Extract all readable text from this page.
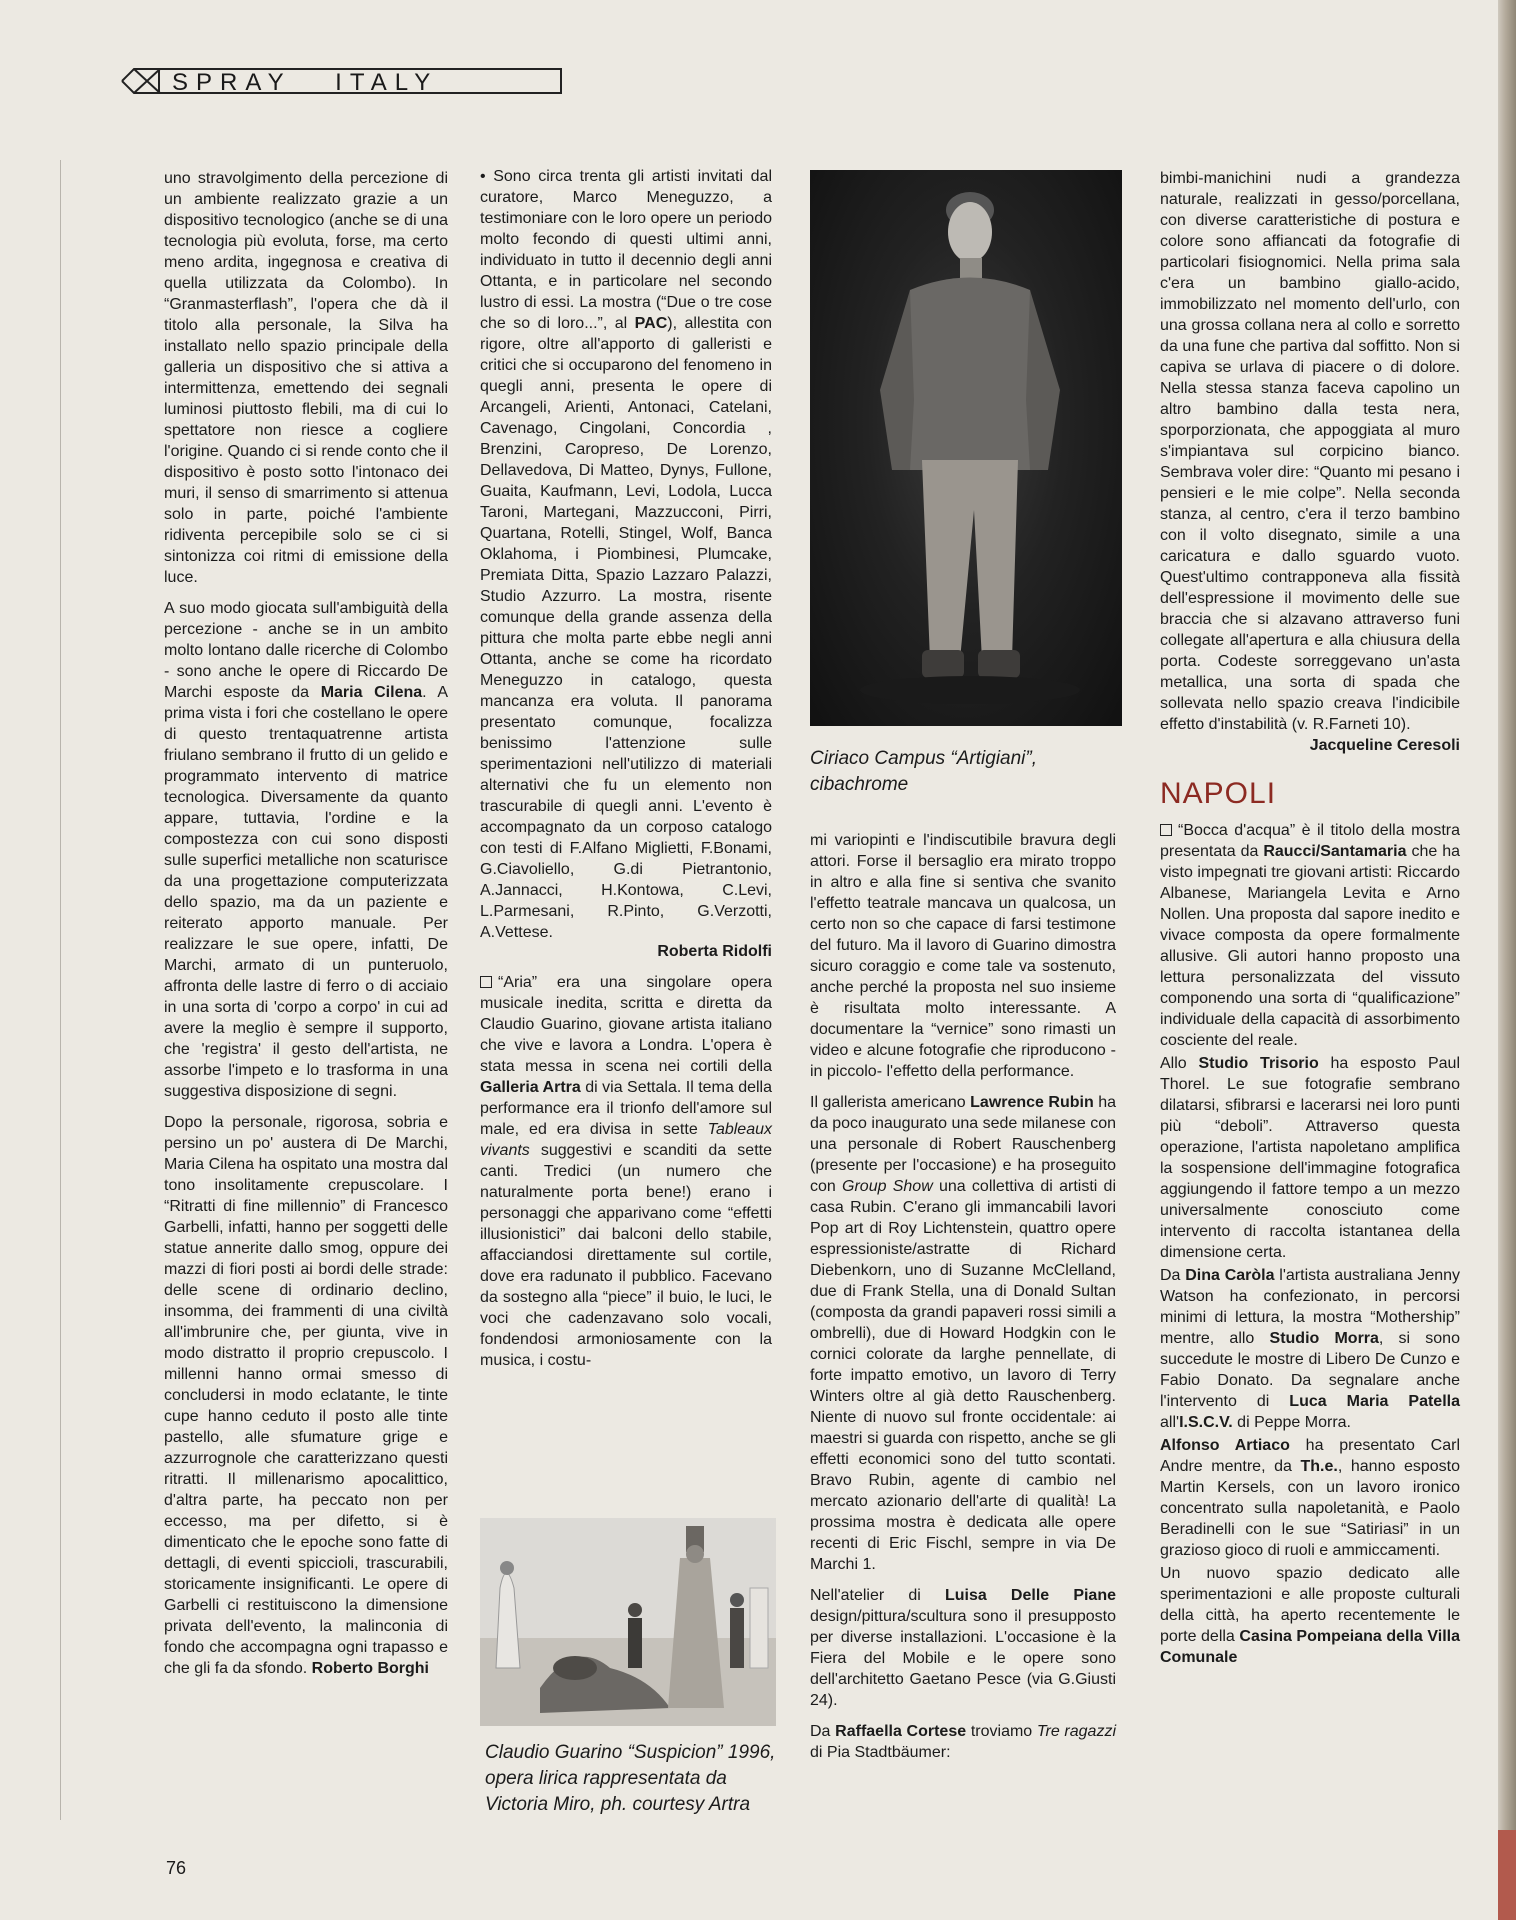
SPRAY   ITALY

uno stravolgimento della percezione di un ambiente realizzato grazie a un dispositivo tecnologico (anche se di una tecnologia più evoluta, forse, ma certo meno ardita, ingegnosa e creativa di quella utilizzata da Colombo). In “Granmasterflash”, l'opera che dà il titolo alla personale, la Silva ha installato nello spazio principale della galleria un dispositivo che si attiva a intermittenza, emettendo dei segnali luminosi piuttosto flebili, ma di cui lo spettatore non riesce a cogliere l'origine. Quando ci si rende conto che il dispositivo è posto sotto l'intonaco dei muri, il senso di smarrimento si attenua solo in parte, poiché l'ambiente ridiventa percepibile solo se ci si sintonizza coi ritmi di emissione della luce.

A suo modo giocata sull'ambiguità della percezione - anche se in un ambito molto lontano dalle ricerche di Colombo - sono anche le opere di Riccardo De Marchi esposte da Maria Cilena. A prima vista i fori che costellano le opere di questo trentaquatrenne artista friulano sembrano il frutto di un gelido e programmato intervento di matrice tecnologica. Diversamente da quanto appare, tuttavia, l'ordine e la compostezza con cui sono disposti sulle superfici metalliche non scaturisce da una progettazione computerizzata dello spazio, ma da un paziente e reiterato apporto manuale. Per realizzare le sue opere, infatti, De Marchi, armato di un punteruolo, affronta delle lastre di ferro o di acciaio in una sorta di 'corpo a corpo' in cui ad avere la meglio è sempre il supporto, che 'registra' il gesto dell'artista, ne assorbe l'impeto e lo trasforma in una suggestiva disposizione di segni.

Dopo la personale, rigorosa, sobria e persino un po' austera di De Marchi, Maria Cilena ha ospitato una mostra dal tono insolitamente crepuscolare. I “Ritratti di fine millennio” di Francesco Garbelli, infatti, hanno per soggetti delle statue annerite dallo smog, oppure dei mazzi di fiori posti ai bordi delle strade: delle scene di ordinario declino, insomma, dei frammenti di una civiltà all'imbrunire che, per giunta, vive in modo distratto il proprio crepuscolo. I millenni hanno ormai smesso di concludersi in modo eclatante, le tinte cupe hanno ceduto il posto alle tinte pastello, alle sfumature grige e azzurrognole che caratterizzano questi ritratti. Il millenarismo apocalittico, d'altra parte, ha peccato non per eccesso, ma per difetto, si è dimenticato che le epoche sono fatte di dettagli, di eventi spiccioli, trascurabili, storicamente insignificanti. Le opere di Garbelli ci restituiscono la dimensione privata dell'evento, la malinconia di fondo che accompagna ogni trapasso e che gli fa da sfondo. Roberto Borghi

• Sono circa trenta gli artisti invitati dal curatore, Marco Meneguzzo, a testimoniare con le loro opere un periodo molto fecondo di questi ultimi anni, individuato in tutto il decennio degli anni Ottanta, e in particolare nel secondo lustro di essi. La mostra (“Due o tre cose che so di loro...”, al PAC), allestita con rigore, oltre all'apporto di galleristi e critici che si occuparono del fenomeno in quegli anni, presenta le opere di Arcangeli, Arienti, Antonaci, Catelani, Cavenago, Cingolani, Concordia , Brenzini, Caropreso, De Lorenzo, Dellavedova, Di Matteo, Dynys, Fullone, Guaita, Kaufmann, Levi, Lodola, Lucca Taroni, Martegani, Mazzucconi, Pirri, Quartana, Rotelli, Stingel, Wolf, Banca Oklahoma, i Piombinesi, Plumcake, Premiata Ditta, Spazio Lazzaro Palazzi, Studio Azzurro. La mostra, risente comunque della grande assenza della pittura che molta parte ebbe negli anni Ottanta, anche se come ha ricordato Meneguzzo in catalogo, questa mancanza era voluta. Il panorama presentato comunque, focalizza benissimo l'attenzione sulle sperimentazioni nell'utilizzo di materiali alternativi che fu un elemento non trascurabile di quegli anni. L'evento è accompagnato da un corposo catalogo con testi di F.Alfano Miglietti, F.Bonami, G.Ciavoliello, G.di Pietrantonio, A.Jannacci, H.Kontowa, C.Levi, L.Parmesani, R.Pinto, G.Verzotti, A.Vettese.

Roberta Ridolfi

“Aria” era una singolare opera musicale inedita, scritta e diretta da Claudio Guarino, giovane artista italiano che vive e lavora a Londra. L'opera è stata messa in scena nei cortili della Galleria Artra di via Settala. Il tema della performance era il trionfo dell'amore sul male, ed era divisa in sette Tableaux vivants suggestivi e scanditi da sette canti. Tredici (un numero che naturalmente porta bene!) erano i personaggi che apparivano come “effetti illusionistici” dai balconi dello stabile, affacciandosi direttamente sul cortile, dove era radunato il pubblico. Facevano da sostegno alla “piece” il buio, le luci, le voci che cadenzavano solo vocali, fondendosi armoniosamente con la musica, i costu-

Ciriaco Campus “Artigiani”, cibachrome

mi variopinti e l'indiscutibile bravura degli attori. Forse il bersaglio era mirato troppo in altro e alla fine si sentiva che svanito l'effetto teatrale mancava un qualcosa, un certo non so che capace di farsi testimone del futuro. Ma il lavoro di Guarino dimostra sicuro coraggio e come tale va sostenuto, anche perché la proposta nel suo insieme è risultata molto interessante. A documentare la “vernice” sono rimasti un video e alcune fotografie che riproducono -in piccolo- l'effetto della performance.

Il gallerista americano Lawrence Rubin ha da poco inaugurato una sede milanese con una personale di Robert Rauschenberg (presente per l'occasione) e ha proseguito con Group Show una collettiva di artisti di casa Rubin. C'erano gli immancabili lavori Pop art di Roy Lichtenstein, quattro opere espressioniste/astratte di Richard Diebenkorn, uno di Suzanne McClelland, due di Frank Stella, una di Donald Sultan (composta da grandi papaveri rossi simili a ombrelli), due di Howard Hodgkin con le cornici colorate da larghe pennellate, di forte impatto emotivo, un lavoro di Terry Winters oltre al già detto Rauschenberg. Niente di nuovo sul fronte occidentale: ai maestri si guarda con rispetto, anche se gli effetti economici sono del tutto scontati. Bravo Rubin, agente di cambio nel mercato azionario dell'arte di qualità! La prossima mostra è dedicata alle opere recenti di Eric Fischl, sempre in via De Marchi 1.

Nell'atelier di Luisa Delle Piane design/pittura/scultura sono il presupposto per diverse installazioni. L'occasione è la Fiera del Mobile e le opere sono dell'architetto Gaetano Pesce (via G.Giusti 24).

Da Raffaella Cortese troviamo Tre ragazzi di Pia Stadtbäumer:

Claudio Guarino “Suspicion” 1996, opera lirica rappresentata da Victoria Miro, ph. courtesy Artra

bimbi-manichini nudi a grandezza naturale, realizzati in gesso/porcellana, con diverse caratteristiche di postura e colore sono affiancati da fotografie di particolari fisiognomici. Nella prima sala c'era un bambino giallo-acido, immobilizzato nel momento dell'urlo, con una grossa collana nera al collo e sorretto da una fune che partiva dal soffitto. Non si capiva se urlava di piacere o di dolore. Nella stessa stanza faceva capolino un altro bambino dalla testa nera, sporporzionata, che appoggiata al muro s'impiantava sul corpicino bianco. Sembrava voler dire: “Quanto mi pesano i pensieri e le mie colpe”. Nella seconda stanza, al centro, c'era il terzo bambino con il volto disegnato, simile a una caricatura e dallo sguardo vuoto. Quest'ultimo contrapponeva alla fissità dell'espressione il movimento delle sue braccia che si alzavano attraverso funi collegate all'apertura e alla chiusura della porta. Codeste sorreggevano un'asta metallica, una sorta di spada che sollevata nello spazio creava l'indicibile effetto d'instabilità (v. R.Farneti 10).

Jacqueline Ceresoli
NAPOLI

“Bocca d'acqua” è il titolo della mostra presentata da Raucci/Santamaria che ha visto impegnati tre giovani artisti: Riccardo Albanese, Mariangela Levita e Arno Nollen. Una proposta dal sapore inedito e vivace composta da opere formalmente allusive. Gli autori hanno proposto una lettura personalizzata del vissuto componendo una sorta di “qualificazione” individuale della capacità di assorbimento cosciente del reale.

Allo Studio Trisorio ha esposto Paul Thorel. Le sue fotografie sembrano dilatarsi, sfibrarsi e lacerarsi nei loro punti più “deboli”. Attraverso questa operazione, l'artista napoletano amplifica la sospensione dell'immagine fotografica aggiungendo il fattore tempo a un mezzo universalmente conosciuto come intervento di raccolta istantanea della dimensione certa.

Da Dina Caròla l'artista australiana Jenny Watson ha confezionato, in percorsi minimi di lettura, la mostra “Mothership” mentre, allo Studio Morra, si sono succedute le mostre di Libero De Cunzo e Fabio Donato. Da segnalare anche l'intervento di Luca Maria Patella all'I.S.C.V. di Peppe Morra.

Alfonso Artiaco ha presentato Carl Andre mentre, da Th.e., hanno esposto Martin Kersels, con un lavoro ironico concentrato sulla napoletanità, e Paolo Beradinelli con le sue “Satiriasi” in un grazioso gioco di ruoli e ammiccamenti.

Un nuovo spazio dedicato alle sperimentazioni e alle proposte culturali della città, ha aperto recentemente le porte della Casina Pompeiana della Villa Comunale

76
